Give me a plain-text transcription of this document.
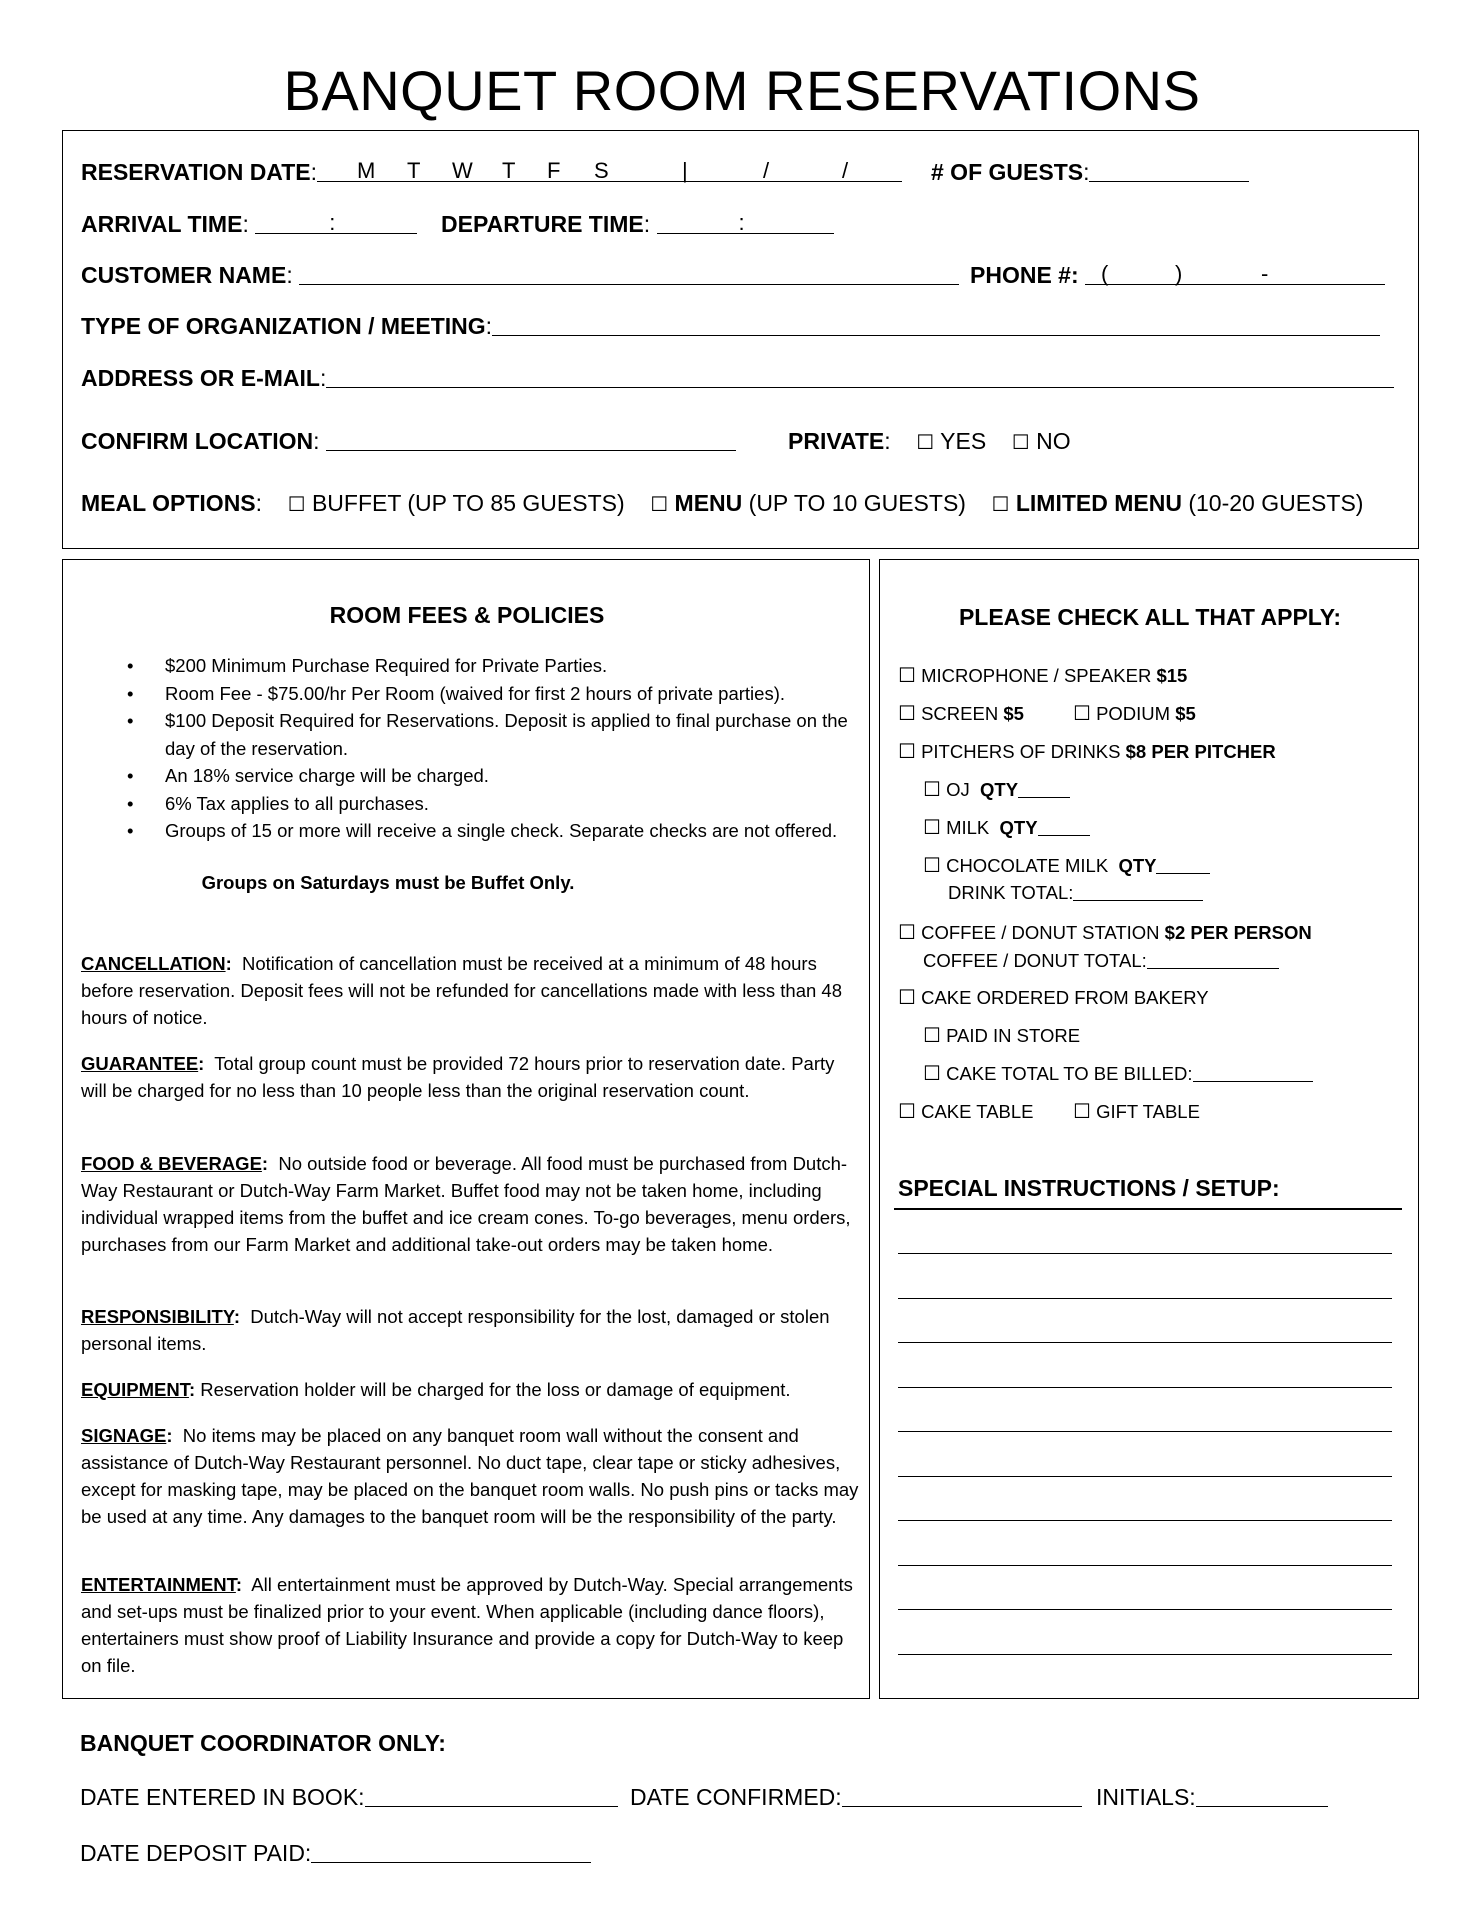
BANQUET ROOM RESERVATIONS
RESERVATION DATE: M T W T F S	|	/	/	# OF GUESTS:
ARRIVAL TIME:	:	DEPARTURE TIME:	:
CUSTOMER NAME:	PHONE #: (	)	-
TYPE OF ORGANIZATION / MEETING:
ADDRESS OR E-MAIL:
CONFIRM LOCATION:	PRIVATE:    ☐ YES ☐ NO
MEAL OPTIONS:    ☐ BUFFET (UP TO 85 GUESTS) ☐ MENU (UP TO 10 GUESTS) ☐ LIMITED MENU (10-20 GUESTS)
ROOM FEES & POLICIES
• $200 Minimum Purchase Required for Private Parties.
• Room Fee - $75.00/hr Per Room (waived for first 2 hours of private parties).
• $100 Deposit Required for Reservations. Deposit is applied to final purchase on the day of the reservation.
• An 18% service charge will be charged.
• 6% Tax applies to all purchases.
• Groups of 15 or more will receive a single check. Separate checks are not offered.
Groups on Saturdays must be Buffet Only.
CANCELLATION: Notification of cancellation must be received at a minimum of 48 hours before reservation. Deposit fees will not be refunded for cancellations made with less than 48 hours of notice.
GUARANTEE: Total group count must be provided 72 hours prior to reservation date. Party will be charged for no less than 10 people less than the original reservation count.
FOOD & BEVERAGE: No outside food or beverage. All food must be purchased from Dutch-Way Restaurant or Dutch-Way Farm Market. Buffet food may not be taken home, including individual wrapped items from the buffet and ice cream cones. To-go beverages, menu orders, purchases from our Farm Market and additional take-out orders may be taken home.
RESPONSIBILITY: Dutch-Way will not accept responsibility for the lost, damaged or stolen personal items.
EQUIPMENT: Reservation holder will be charged for the loss or damage of equipment.
SIGNAGE: No items may be placed on any banquet room wall without the consent and assistance of Dutch-Way Restaurant personnel. No duct tape, clear tape or sticky adhesives, except for masking tape, may be placed on the banquet room walls. No push pins or tacks may be used at any time. Any damages to the banquet room will be the responsibility of the party.
ENTERTAINMENT: All entertainment must be approved by Dutch-Way. Special arrangements and set-ups must be finalized prior to your event. When applicable (including dance floors), entertainers must show proof of Liability Insurance and provide a copy for Dutch-Way to keep on file.
PLEASE CHECK ALL THAT APPLY:
☐ MICROPHONE / SPEAKER $15
☐ SCREEN $5 ☐ PODIUM $5
☐ PITCHERS OF DRINKS $8 PER PITCHER
☐ OJ QTY
☐ MILK QTY
☐ CHOCOLATE MILK QTY
DRINK TOTAL:
☐ COFFEE / DONUT STATION $2 PER PERSON
COFFEE / DONUT TOTAL:
☐ CAKE ORDERED FROM BAKERY
☐ PAID IN STORE
☐ CAKE TOTAL TO BE BILLED:
☐ CAKE TABLE ☐ GIFT TABLE
SPECIAL INSTRUCTIONS / SETUP:
BANQUET COORDINATOR ONLY:
DATE ENTERED IN BOOK:	DATE CONFIRMED:	INITIALS:
DATE DEPOSIT PAID:
